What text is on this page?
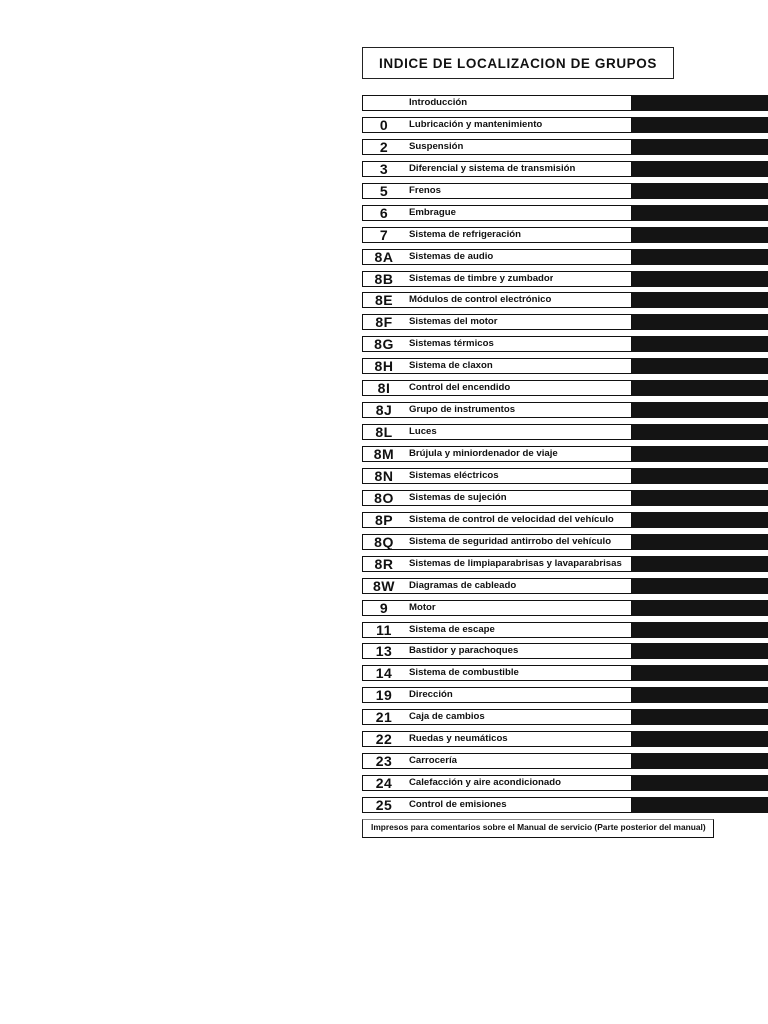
INDICE DE LOCALIZACION DE GRUPOS
Introducción
0	Lubricación y mantenimiento
2	Suspensión
3	Diferencial y sistema de transmisión
5	Frenos
6	Embrague
7	Sistema de refrigeración
8A	Sistemas de audio
8B	Sistemas de timbre y zumbador
8E	Módulos de control electrónico
8F	Sistemas del motor
8G	Sistemas térmicos
8H	Sistema de claxon
8I	Control del encendido
8J	Grupo de instrumentos
8L	Luces
8M	Brújula y miniordenador de viaje
8N	Sistemas eléctricos
8O	Sistemas de sujeción
8P	Sistema de control de velocidad del vehículo
8Q	Sistema de seguridad antirrobo del vehículo
8R	Sistemas de limpiaparabrisas y lavaparabrisas
8W	Diagramas de cableado
9	Motor
11	Sistema de escape
13	Bastidor y parachoques
14	Sistema de combustible
19	Dirección
21	Caja de cambios
22	Ruedas y neumáticos
23	Carrocería
24	Calefacción y aire acondicionado
25	Control de emisiones
Impresos para comentarios sobre el Manual de servicio (Parte posterior del manual)
